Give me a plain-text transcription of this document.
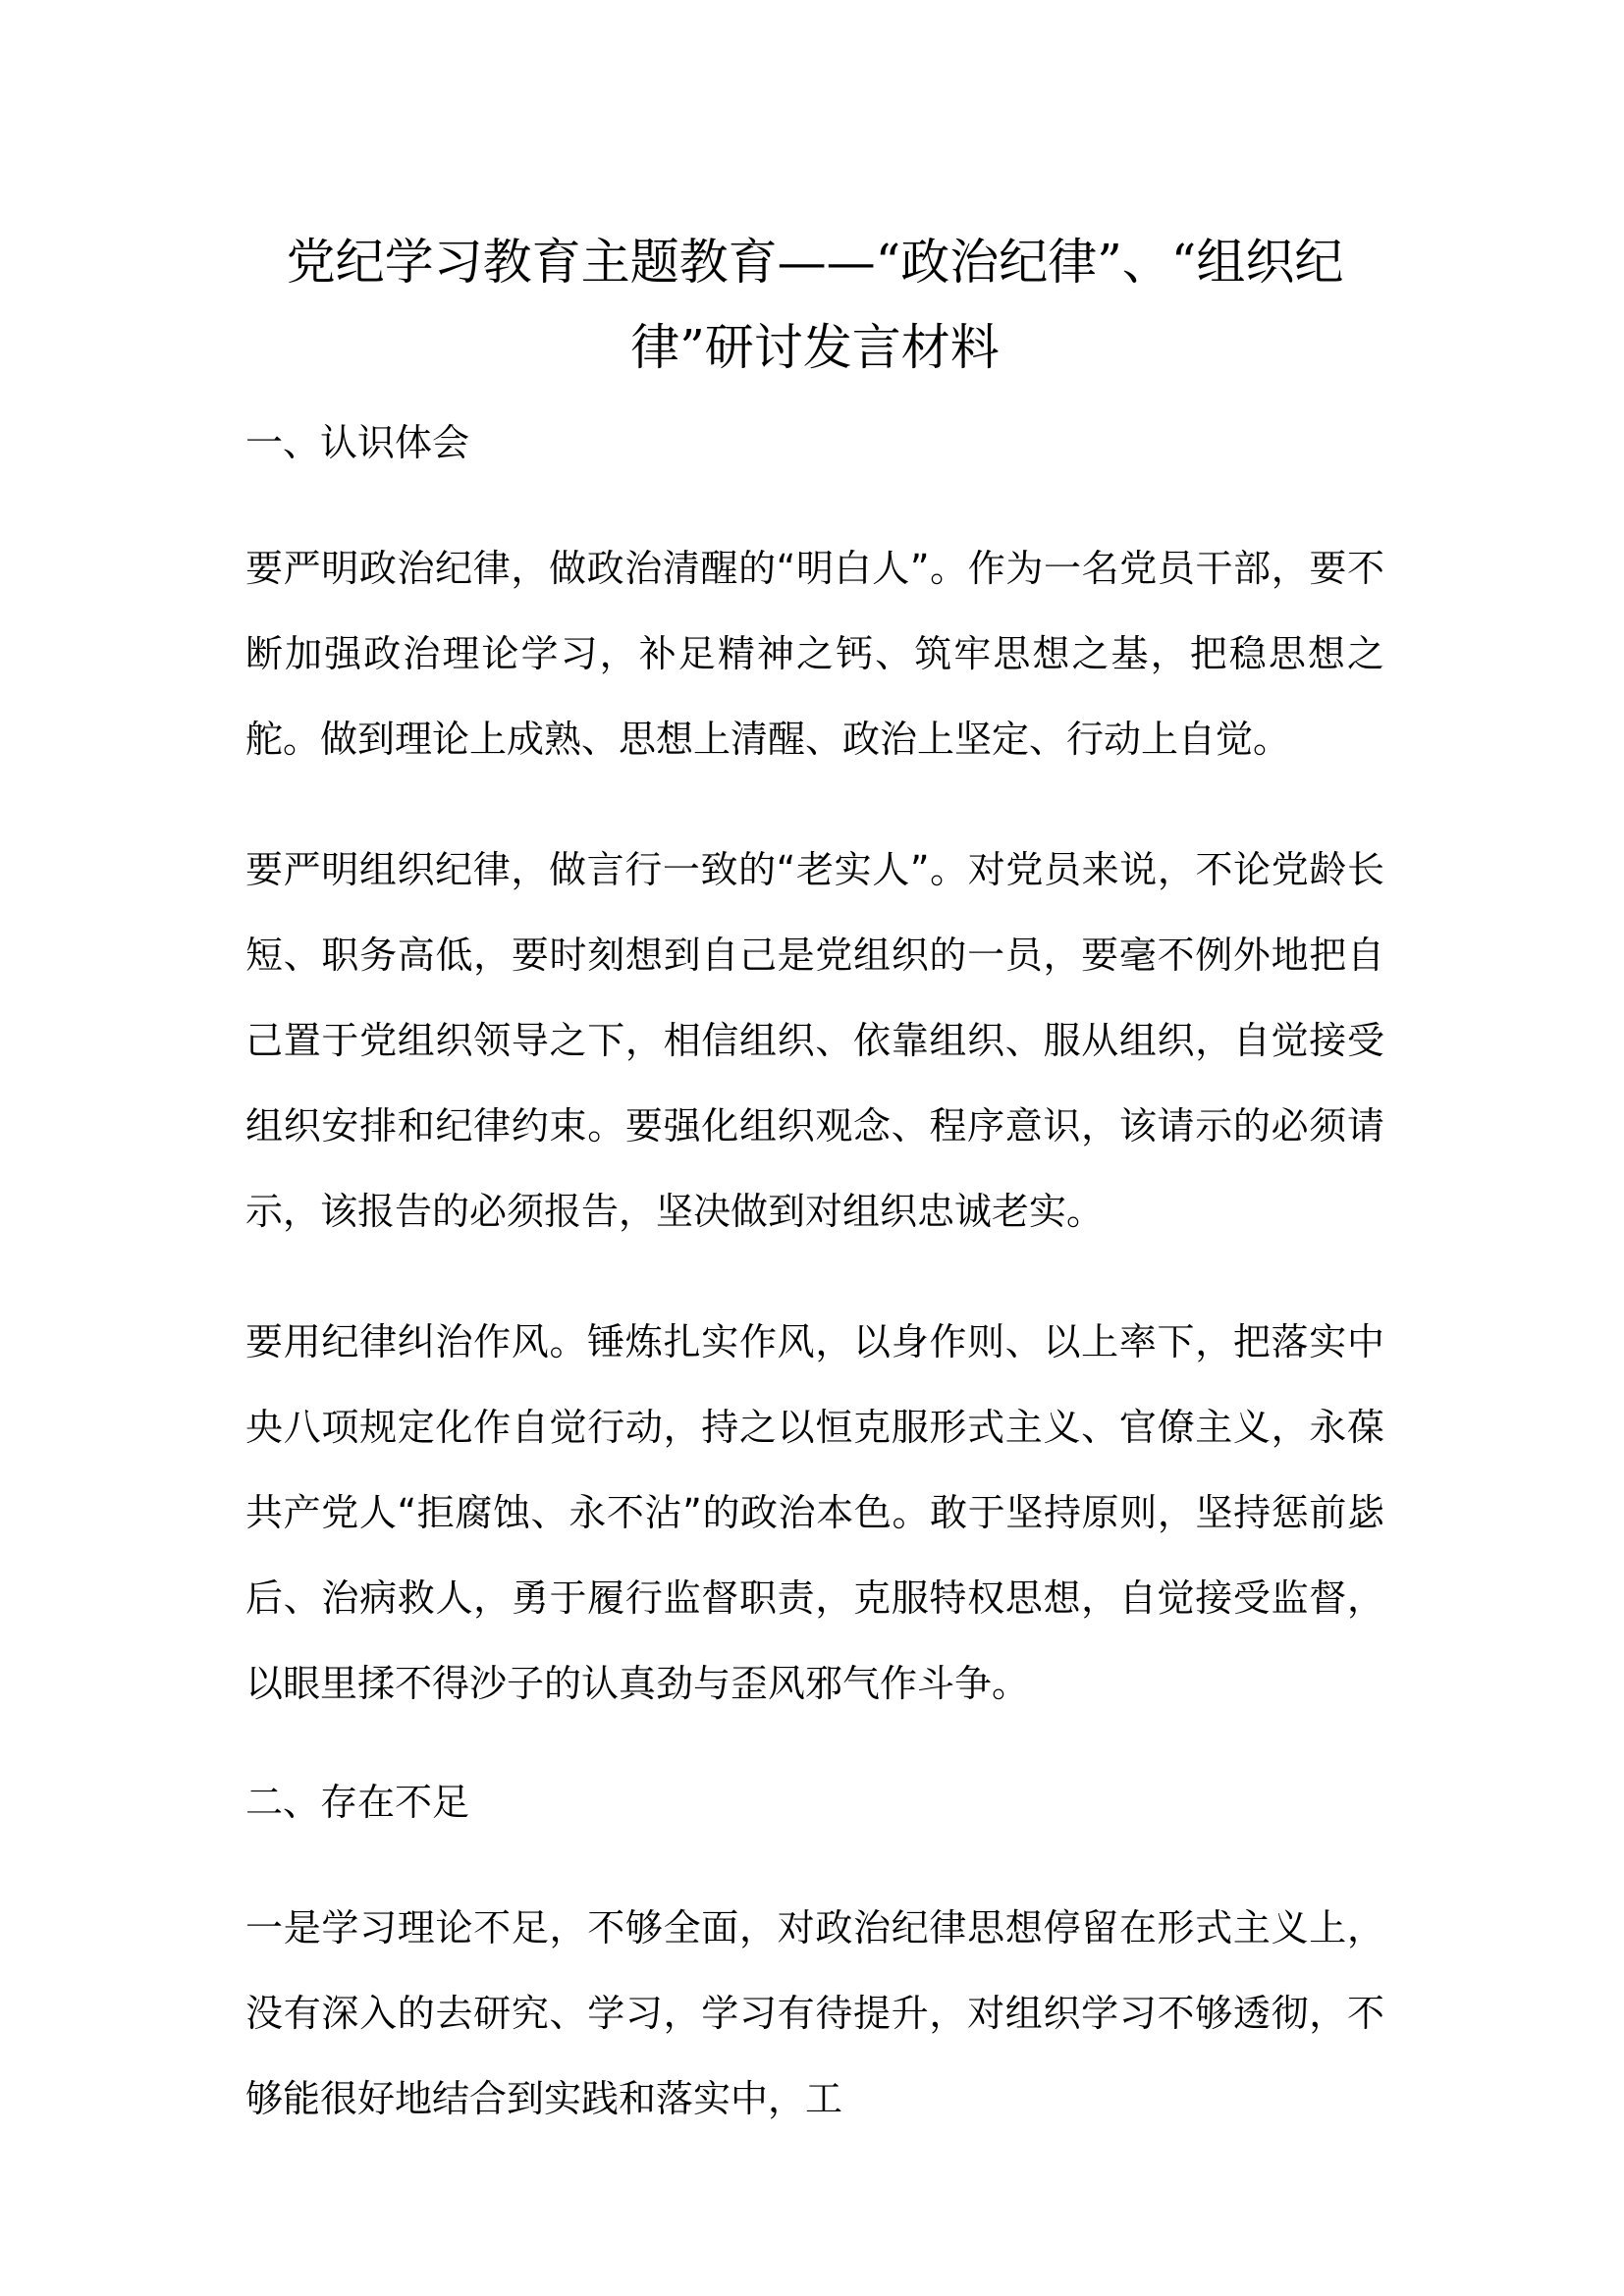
党纪学习教育主题教育——“政治纪律”、“组织纪
律”研讨发言材料
一、认识体会

要严明政治纪律，做政治清醒的“明白人”。作为一名党员干部，要不断加强政治理论学习，补足精神之钙、筑牢思想之基，把稳思想之舵。做到理论上成熟、思想上清醒、政治上坚定、行动上自觉。

要严明组织纪律，做言行一致的“老实人”。对党员来说，不论党龄长短、职务高低，要时刻想到自己是党组织的一员，要毫不例外地把自己置于党组织领导之下，相信组织、依靠组织、服从组织，自觉接受组织安排和纪律约束。要强化组织观念、程序意识，该请示的必须请示，该报告的必须报告，坚决做到对组织忠诚老实。

要用纪律纠治作风。锤炼扎实作风，以身作则、以上率下，把落实中央八项规定化作自觉行动，持之以恒克服形式主义、官僚主义，永葆共产党人“拒腐蚀、永不沾”的政治本色。敢于坚持原则，坚持惩前毖后、治病救人，勇于履行监督职责，克服特权思想，自觉接受监督，以眼里揉不得沙子的认真劲与歪风邪气作斗争。

二、存在不足

一是学习理论不足，不够全面，对政治纪律思想停留在形式主义上，没有深入的去研究、学习，学习有待提升，对组织学习不够透彻，不够能很好地结合到实践和落实中，工
